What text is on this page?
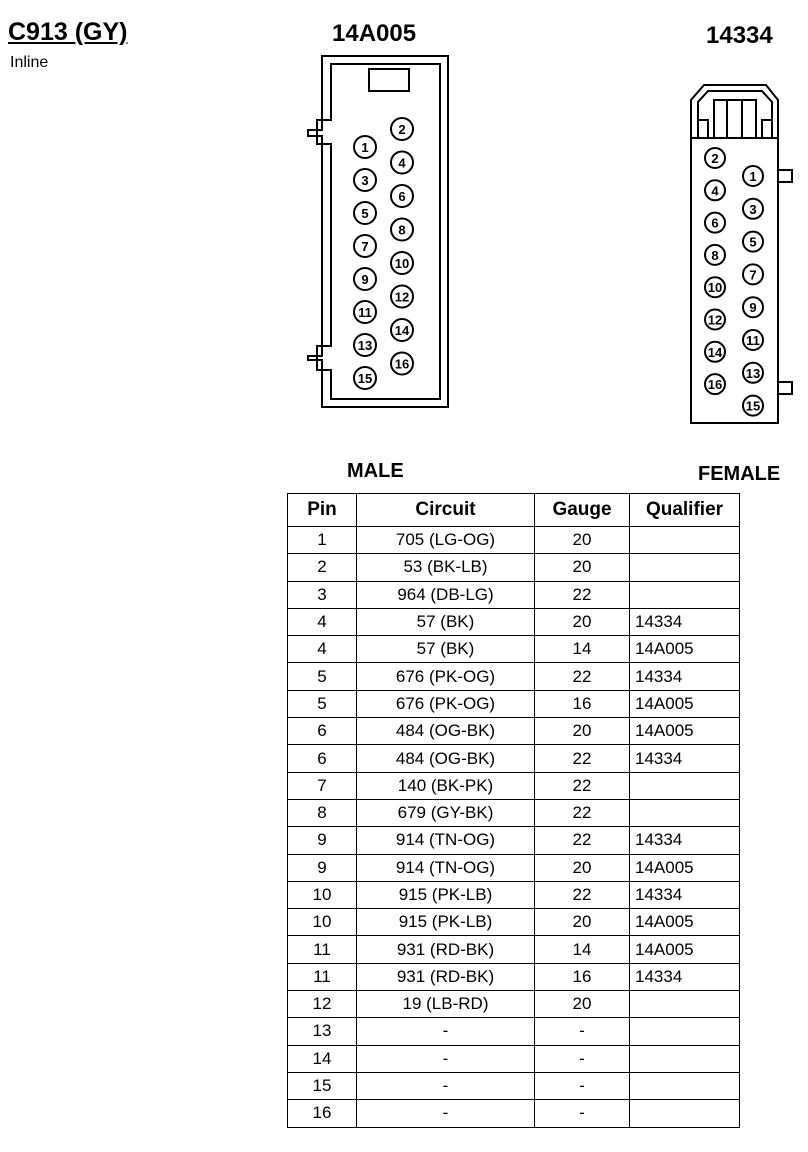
C913 (GY)
Inline
14A005	14334
1
2
3
4
5
6
7
8
9
10
11
12
13
14
15
16
1
2
3
4
5
6
7
8
9
10
11
12
13
14
15
16
MALE	FEMALE
Pin	Circuit	Gauge	Qualifier
1	705 (LG-OG)	20	
2	53 (BK-LB)	20	
3	964 (DB-LG)	22	
4	57 (BK)	20	14334
4	57 (BK)	14	14A005
5	676 (PK-OG)	22	14334
5	676 (PK-OG)	16	14A005
6	484 (OG-BK)	20	14A005
6	484 (OG-BK)	22	14334
7	140 (BK-PK)	22	
8	679 (GY-BK)	22	
9	914 (TN-OG)	22	14334
9	914 (TN-OG)	20	14A005
10	915 (PK-LB)	22	14334
10	915 (PK-LB)	20	14A005
11	931 (RD-BK)	14	14A005
11	931 (RD-BK)	16	14334
12	19 (LB-RD)	20	
13	-	-	
14	-	-	
15	-	-	
16	-	-	
